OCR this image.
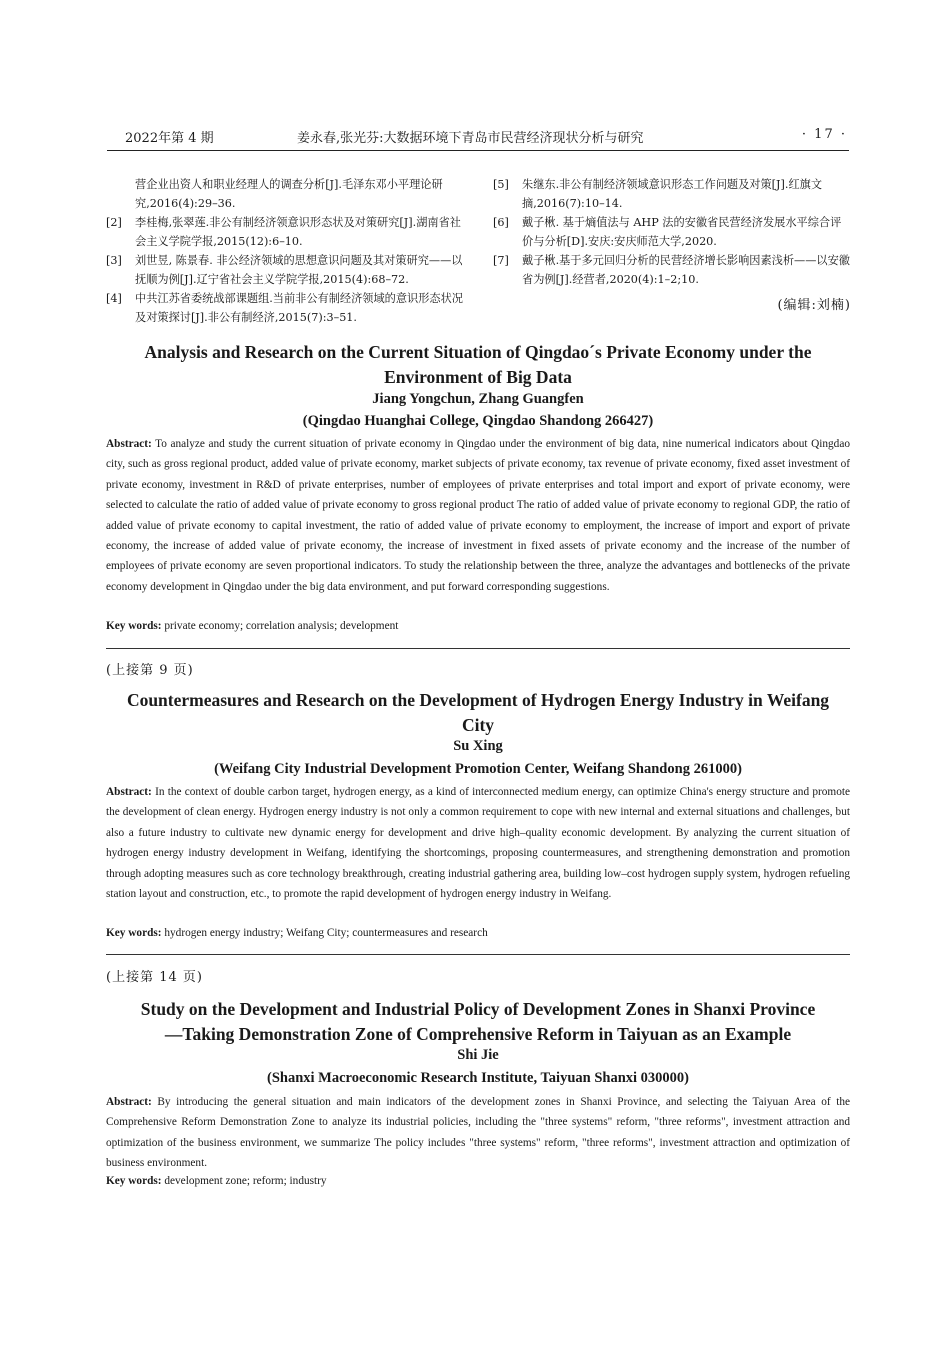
2022年第 4 期	姜永春,张光芬:大数据环境下青岛市民营经济现状分析与研究	· 17 ·
营企业出资人和职业经理人的调查分析[J].毛泽东邓小平理论研究,2016(4):29–36.
[2] 李桂梅,张翠莲.非公有制经济领意识形态状及对策研究[J].湖南省社会主义学院学报,2015(12):6–10.
[3] 刘世昱, 陈景春. 非公经济领域的思想意识问题及其对策研究——以抚顺为例[J].辽宁省社会主义学院学报,2015(4):68–72.
[4] 中共江苏省委统战部课题组.当前非公有制经济领域的意识形态状况及对策探讨[J].非公有制经济,2015(7):3–51.
[5] 朱继东.非公有制经济领域意识形态工作问题及对策[J].红旗文摘,2016(7):10–14.
[6] 戴子楸. 基于熵值法与 AHP 法的安徽省民营经济发展水平综合评价与分析[D].安庆:安庆师范大学,2020.
[7] 戴子楸.基于多元回归分析的民营经济增长影响因素浅析——以安徽省为例[J].经营者,2020(4):1–2;10.
(编辑:刘楠)
Analysis and Research on the Current Situation of Qingdao´s Private Economy under the
Environment of Big Data
Jiang Yongchun, Zhang Guangfen
(Qingdao Huanghai College, Qingdao Shandong 266427)
Abstract: To analyze and study the current situation of private economy in Qingdao under the environment of big data, nine numerical indicators about Qingdao city, such as gross regional product, added value of private economy, market subjects of private economy, tax revenue of private economy, fixed asset investment of private economy, investment in R&D of private enterprises, number of employees of private enterprises and total import and export of private economy, were selected to calculate the ratio of added value of private economy to gross regional product The ratio of added value of private economy to regional GDP, the ratio of added value of private economy to capital investment, the ratio of added value of private economy to employment, the increase of import and export of private economy, the increase of added value of private economy, the increase of investment in fixed assets of private economy and the increase of the number of employees of private economy are seven proportional indicators. To study the relationship between the three, analyze the advantages and bottlenecks of the private economy development in Qingdao under the big data environment, and put forward corresponding suggestions.
Key words: private economy; correlation analysis; development
(上接第 9 页)
Countermeasures and Research on the Development of Hydrogen Energy Industry in Weifang
City
Su Xing
(Weifang City Industrial Development Promotion Center, Weifang Shandong 261000)
Abstract: In the context of double carbon target, hydrogen energy, as a kind of interconnected medium energy, can optimize China's energy structure and promote the development of clean energy. Hydrogen energy industry is not only a common requirement to cope with new internal and external situations and challenges, but also a future industry to cultivate new dynamic energy for development and drive high–quality economic development. By analyzing the current situation of hydrogen energy industry development in Weifang, identifying the shortcomings, proposing countermeasures, and strengthening demonstration and promotion through adopting measures such as core technology breakthrough, creating industrial gathering area, building low–cost hydrogen supply system, hydrogen refueling station layout and construction, etc., to promote the rapid development of hydrogen energy industry in Weifang.
Key words: hydrogen energy industry; Weifang City; countermeasures and research
(上接第 14 页)
Study on the Development and Industrial Policy of Development Zones in Shanxi Province
—Taking Demonstration Zone of Comprehensive Reform in Taiyuan as an Example
Shi Jie
(Shanxi Macroeconomic Research Institute, Taiyuan Shanxi 030000)
Abstract: By introducing the general situation and main indicators of the development zones in Shanxi Province, and selecting the Taiyuan Area of the Comprehensive Reform Demonstration Zone to analyze its industrial policies, including the "three systems" reform, "three reforms", investment attraction and optimization of the business environment, we summarize The policy includes "three systems" reform, "three reforms", investment attraction and optimization of business environment.
Key words: development zone; reform; industry
